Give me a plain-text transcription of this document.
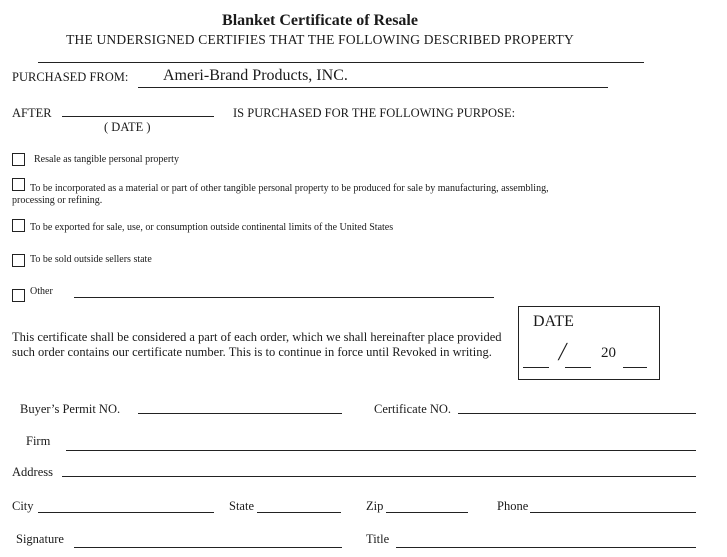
Blanket Certificate of Resale
THE UNDERSIGNED CERTIFIES THAT THE FOLLOWING DESCRIBED PROPERTY
PURCHASED FROM: Ameri-Brand Products, INC.
AFTER
( DATE )
IS PURCHASED FOR THE FOLLOWING PURPOSE:
Resale as tangible personal property
To be incorporated as a material or part of other tangible personal property to be produced for sale by manufacturing, assembling,
processing or refining.
To be exported for sale, use, or consumption outside continental limits of the United States
To be sold outside sellers state
Other
This certificate shall be considered a part of each order, which we shall hereinafter place provided
such order contains our certificate number. This is to continue in force until Revoked in writing.
DATE
/ 20
Buyer’s Permit NO.	Certificate NO.
Firm
Address
City	State	Zip	Phone
Signature	Title
